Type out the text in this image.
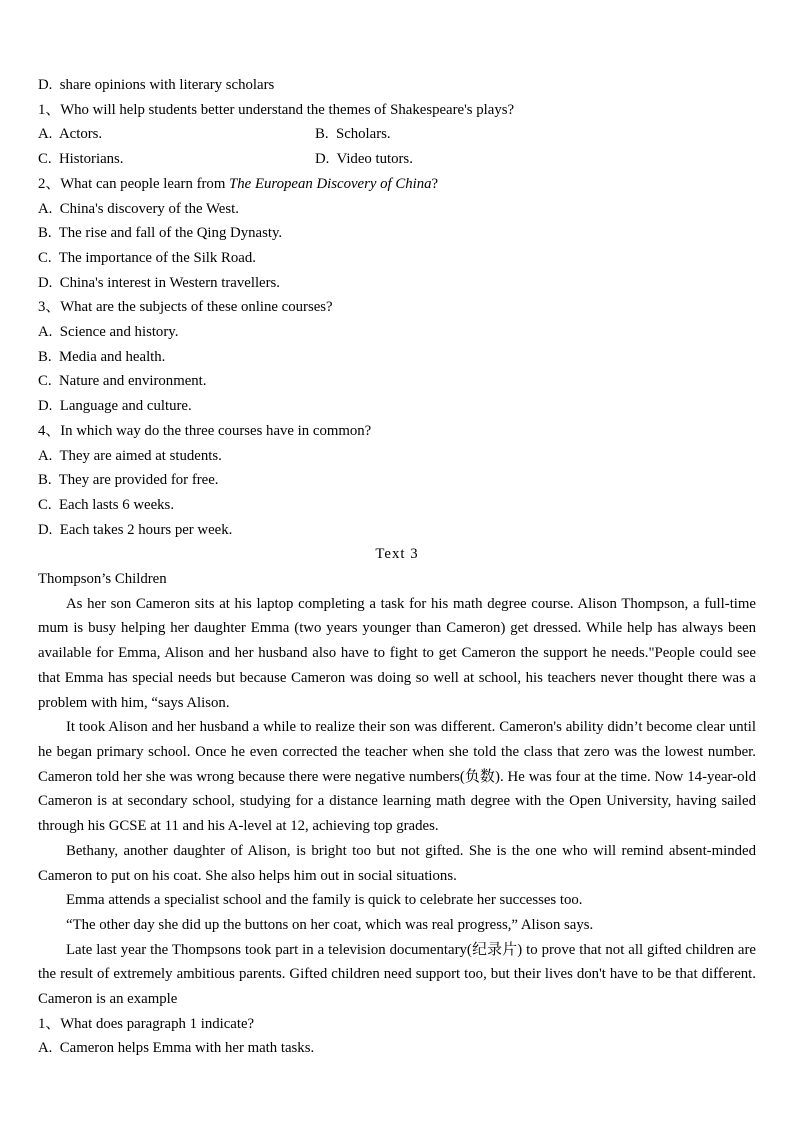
D.  share opinions with literary scholars
1、Who will help students better understand the themes of Shakespeare's plays?
A.  Actors.	B.  Scholars.
C.  Historians.	D.  Video tutors.
2、What can people learn from The European Discovery of China?
A.  China's discovery of the West.
B.  The rise and fall of the Qing Dynasty.
C.  The importance of the Silk Road.
D.  China's interest in Western travellers.
3、What are the subjects of these online courses?
A.  Science and history.
B.  Media and health.
C.  Nature and environment.
D.  Language and culture.
4、In which way do the three courses have in common?
A.  They are aimed at students.
B.  They are provided for free.
C.  Each lasts 6 weeks.
D.  Each takes 2 hours per week.
Text 3
Thompson’s Children
As her son Cameron sits at his laptop completing a task for his math degree course. Alison Thompson, a full-time mum is busy helping her daughter Emma (two years younger than Cameron) get dressed. While help has always been available for Emma, Alison and her husband also have to fight to get Cameron the support he needs."People could see that Emma has special needs but because Cameron was doing so well at school, his teachers never thought there was a problem with him, “says Alison.
It took Alison and her husband a while to realize their son was different. Cameron's ability didn’t become clear until he began primary school. Once he even corrected the teacher when she told the class that zero was the lowest number. Cameron told her she was wrong because there were negative numbers(负数). He was four at the time. Now 14-year-old Cameron is at secondary school, studying for a distance learning math degree with the Open University, having sailed through his GCSE at 11 and his A-level at 12, achieving top grades.
Bethany, another daughter of Alison, is bright too but not gifted. She is the one who will remind absent-minded Cameron to put on his coat. She also helps him out in social situations.
Emma attends a specialist school and the family is quick to celebrate her successes too.
“The other day she did up the buttons on her coat, which was real progress,” Alison says.
Late last year the Thompsons took part in a television documentary(纪录片) to prove that not all gifted children are the result of extremely ambitious parents. Gifted children need support too, but their lives don't have to be that different. Cameron is an example
1、What does paragraph 1 indicate?
A.  Cameron helps Emma with her math tasks.
